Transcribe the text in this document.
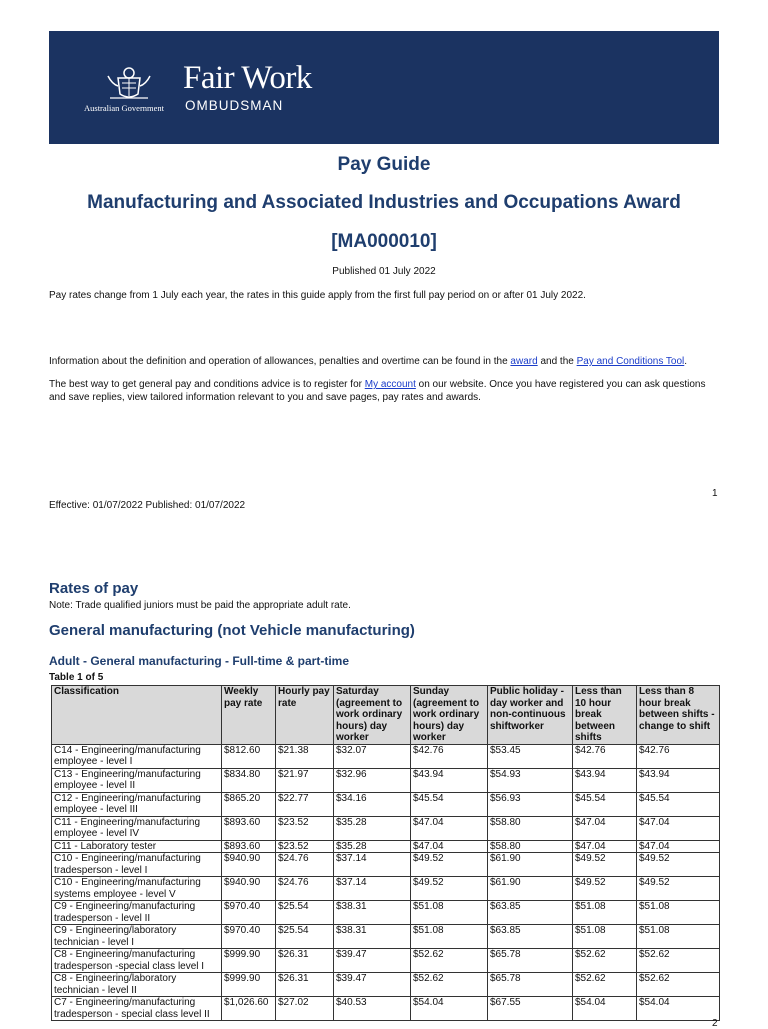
Australian Government
Fair Work
OMBUDSMAN
Pay Guide
Manufacturing and Associated Industries and Occupations Award
[MA000010]
Published 01 July 2022
Pay rates change from 1 July each year, the rates in this guide apply from the first full pay period on or after 01 July 2022.
Information about the definition and operation of allowances, penalties and overtime can be found in the award and the Pay and Conditions Tool.
The best way to get general pay and conditions advice is to register for My account on our website. Once you have registered you can ask questions and save replies, view tailored information relevant to you and save pages, pay rates and awards.
1
Effective: 01/07/2022 Published: 01/07/2022
Rates of pay
Note: Trade qualified juniors must be paid the appropriate adult rate.
General manufacturing (not Vehicle manufacturing)
Adult - General manufacturing - Full-time & part-time
Table 1 of 5
Classification	Weekly pay rate	Hourly pay rate	Saturday (agreement to work ordinary hours) day worker	Sunday (agreement to work ordinary hours) day worker	Public holiday - day worker and non-continuous shiftworker	Less than 10 hour break between shifts	Less than 8 hour break between shifts - change to shift
C14 - Engineering/manufacturing employee - level I	$812.60	$21.38	$32.07	$42.76	$53.45	$42.76	$42.76
C13 - Engineering/manufacturing employee - level II	$834.80	$21.97	$32.96	$43.94	$54.93	$43.94	$43.94
C12 - Engineering/manufacturing employee - level III	$865.20	$22.77	$34.16	$45.54	$56.93	$45.54	$45.54
C11 - Engineering/manufacturing employee - level IV	$893.60	$23.52	$35.28	$47.04	$58.80	$47.04	$47.04
C11 - Laboratory tester	$893.60	$23.52	$35.28	$47.04	$58.80	$47.04	$47.04
C10 - Engineering/manufacturing tradesperson - level I	$940.90	$24.76	$37.14	$49.52	$61.90	$49.52	$49.52
C10 - Engineering/manufacturing systems employee - level V	$940.90	$24.76	$37.14	$49.52	$61.90	$49.52	$49.52
C9 - Engineering/manufacturing tradesperson - level II	$970.40	$25.54	$38.31	$51.08	$63.85	$51.08	$51.08
C9 - Engineering/laboratory technician - level I	$970.40	$25.54	$38.31	$51.08	$63.85	$51.08	$51.08
C8 - Engineering/manufacturing tradesperson -special class level I	$999.90	$26.31	$39.47	$52.62	$65.78	$52.62	$52.62
C8 - Engineering/laboratory technician - level II	$999.90	$26.31	$39.47	$52.62	$65.78	$52.62	$52.62
C7 - Engineering/manufacturing tradesperson - special class level II	$1,026.60	$27.02	$40.53	$54.04	$67.55	$54.04	$54.04
2
